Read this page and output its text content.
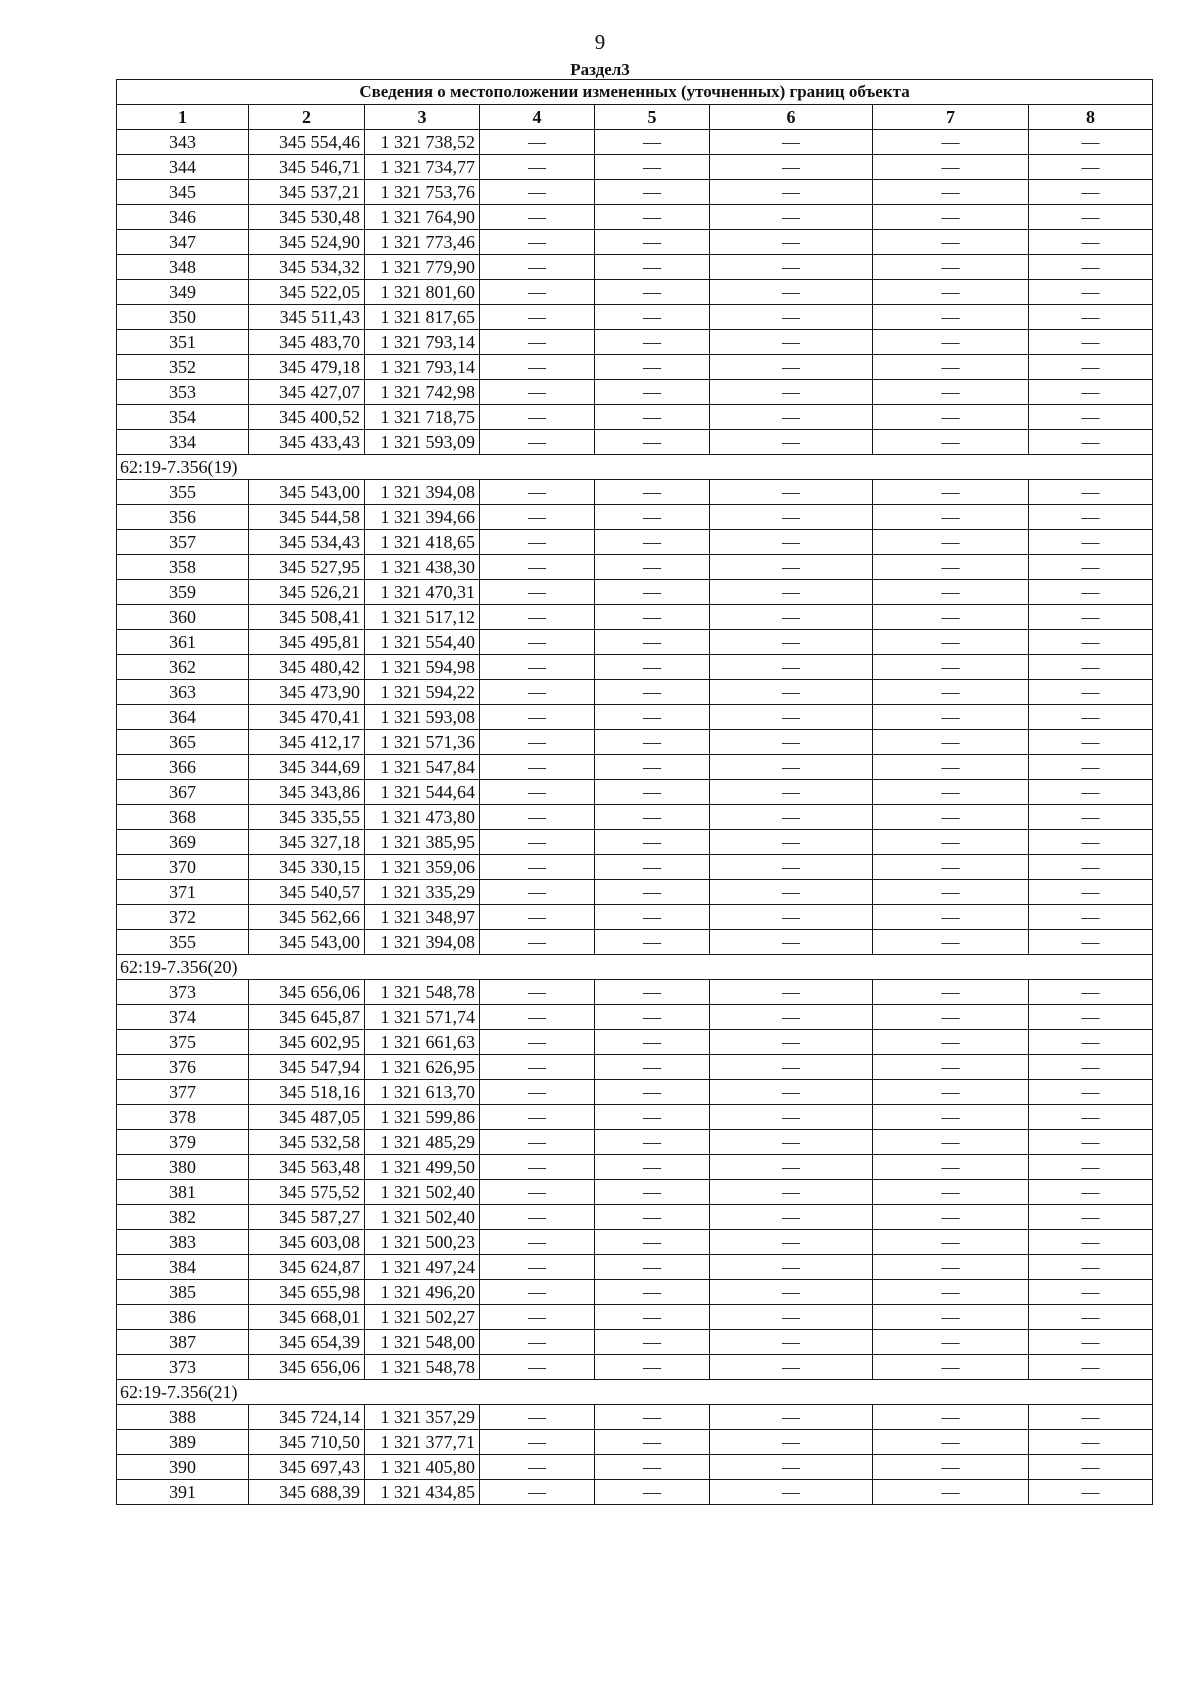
9
Раздел3
Сведения о местоположении измененных (уточненных) границ объекта							
1	2	3	4	5	6	7	8
343	345 554,46	1 321 738,52	—	—	—	—	—
344	345 546,71	1 321 734,77	—	—	—	—	—
345	345 537,21	1 321 753,76	—	—	—	—	—
346	345 530,48	1 321 764,90	—	—	—	—	—
347	345 524,90	1 321 773,46	—	—	—	—	—
348	345 534,32	1 321 779,90	—	—	—	—	—
349	345 522,05	1 321 801,60	—	—	—	—	—
350	345 511,43	1 321 817,65	—	—	—	—	—
351	345 483,70	1 321 793,14	—	—	—	—	—
352	345 479,18	1 321 793,14	—	—	—	—	—
353	345 427,07	1 321 742,98	—	—	—	—	—
354	345 400,52	1 321 718,75	—	—	—	—	—
334	345 433,43	1 321 593,09	—	—	—	—	—
62:19-7.356(19)							
355	345 543,00	1 321 394,08	—	—	—	—	—
356	345 544,58	1 321 394,66	—	—	—	—	—
357	345 534,43	1 321 418,65	—	—	—	—	—
358	345 527,95	1 321 438,30	—	—	—	—	—
359	345 526,21	1 321 470,31	—	—	—	—	—
360	345 508,41	1 321 517,12	—	—	—	—	—
361	345 495,81	1 321 554,40	—	—	—	—	—
362	345 480,42	1 321 594,98	—	—	—	—	—
363	345 473,90	1 321 594,22	—	—	—	—	—
364	345 470,41	1 321 593,08	—	—	—	—	—
365	345 412,17	1 321 571,36	—	—	—	—	—
366	345 344,69	1 321 547,84	—	—	—	—	—
367	345 343,86	1 321 544,64	—	—	—	—	—
368	345 335,55	1 321 473,80	—	—	—	—	—
369	345 327,18	1 321 385,95	—	—	—	—	—
370	345 330,15	1 321 359,06	—	—	—	—	—
371	345 540,57	1 321 335,29	—	—	—	—	—
372	345 562,66	1 321 348,97	—	—	—	—	—
355	345 543,00	1 321 394,08	—	—	—	—	—
62:19-7.356(20)							
373	345 656,06	1 321 548,78	—	—	—	—	—
374	345 645,87	1 321 571,74	—	—	—	—	—
375	345 602,95	1 321 661,63	—	—	—	—	—
376	345 547,94	1 321 626,95	—	—	—	—	—
377	345 518,16	1 321 613,70	—	—	—	—	—
378	345 487,05	1 321 599,86	—	—	—	—	—
379	345 532,58	1 321 485,29	—	—	—	—	—
380	345 563,48	1 321 499,50	—	—	—	—	—
381	345 575,52	1 321 502,40	—	—	—	—	—
382	345 587,27	1 321 502,40	—	—	—	—	—
383	345 603,08	1 321 500,23	—	—	—	—	—
384	345 624,87	1 321 497,24	—	—	—	—	—
385	345 655,98	1 321 496,20	—	—	—	—	—
386	345 668,01	1 321 502,27	—	—	—	—	—
387	345 654,39	1 321 548,00	—	—	—	—	—
373	345 656,06	1 321 548,78	—	—	—	—	—
62:19-7.356(21)							
388	345 724,14	1 321 357,29	—	—	—	—	—
389	345 710,50	1 321 377,71	—	—	—	—	—
390	345 697,43	1 321 405,80	—	—	—	—	—
391	345 688,39	1 321 434,85	—	—	—	—	—
